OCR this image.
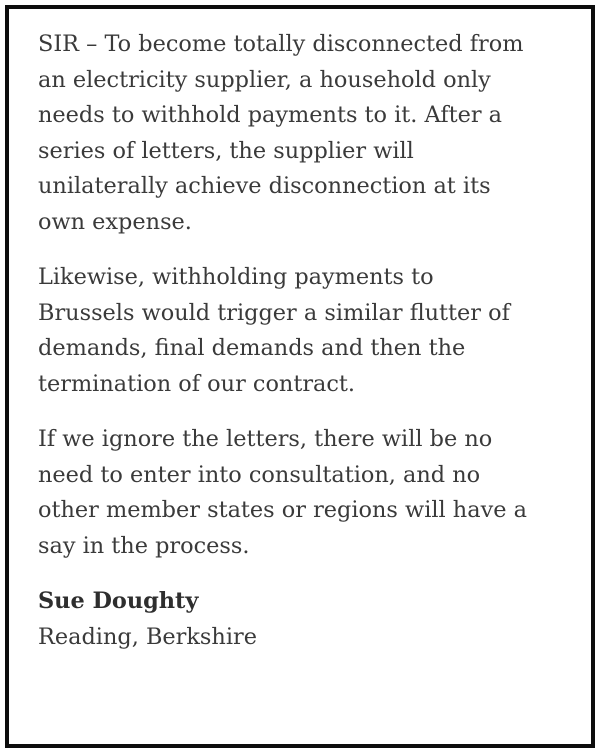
SIR – To become totally disconnected from
an electricity supplier, a household only
needs to withhold payments to it. After a
series of letters, the supplier will
unilaterally achieve disconnection at its
own expense.

Likewise, withholding payments to
Brussels would trigger a similar flutter of
demands, final demands and then the
termination of our contract.

If we ignore the letters, there will be no
need to enter into consultation, and no
other member states or regions will have a
say in the process.

Sue Doughty
Reading, Berkshire
